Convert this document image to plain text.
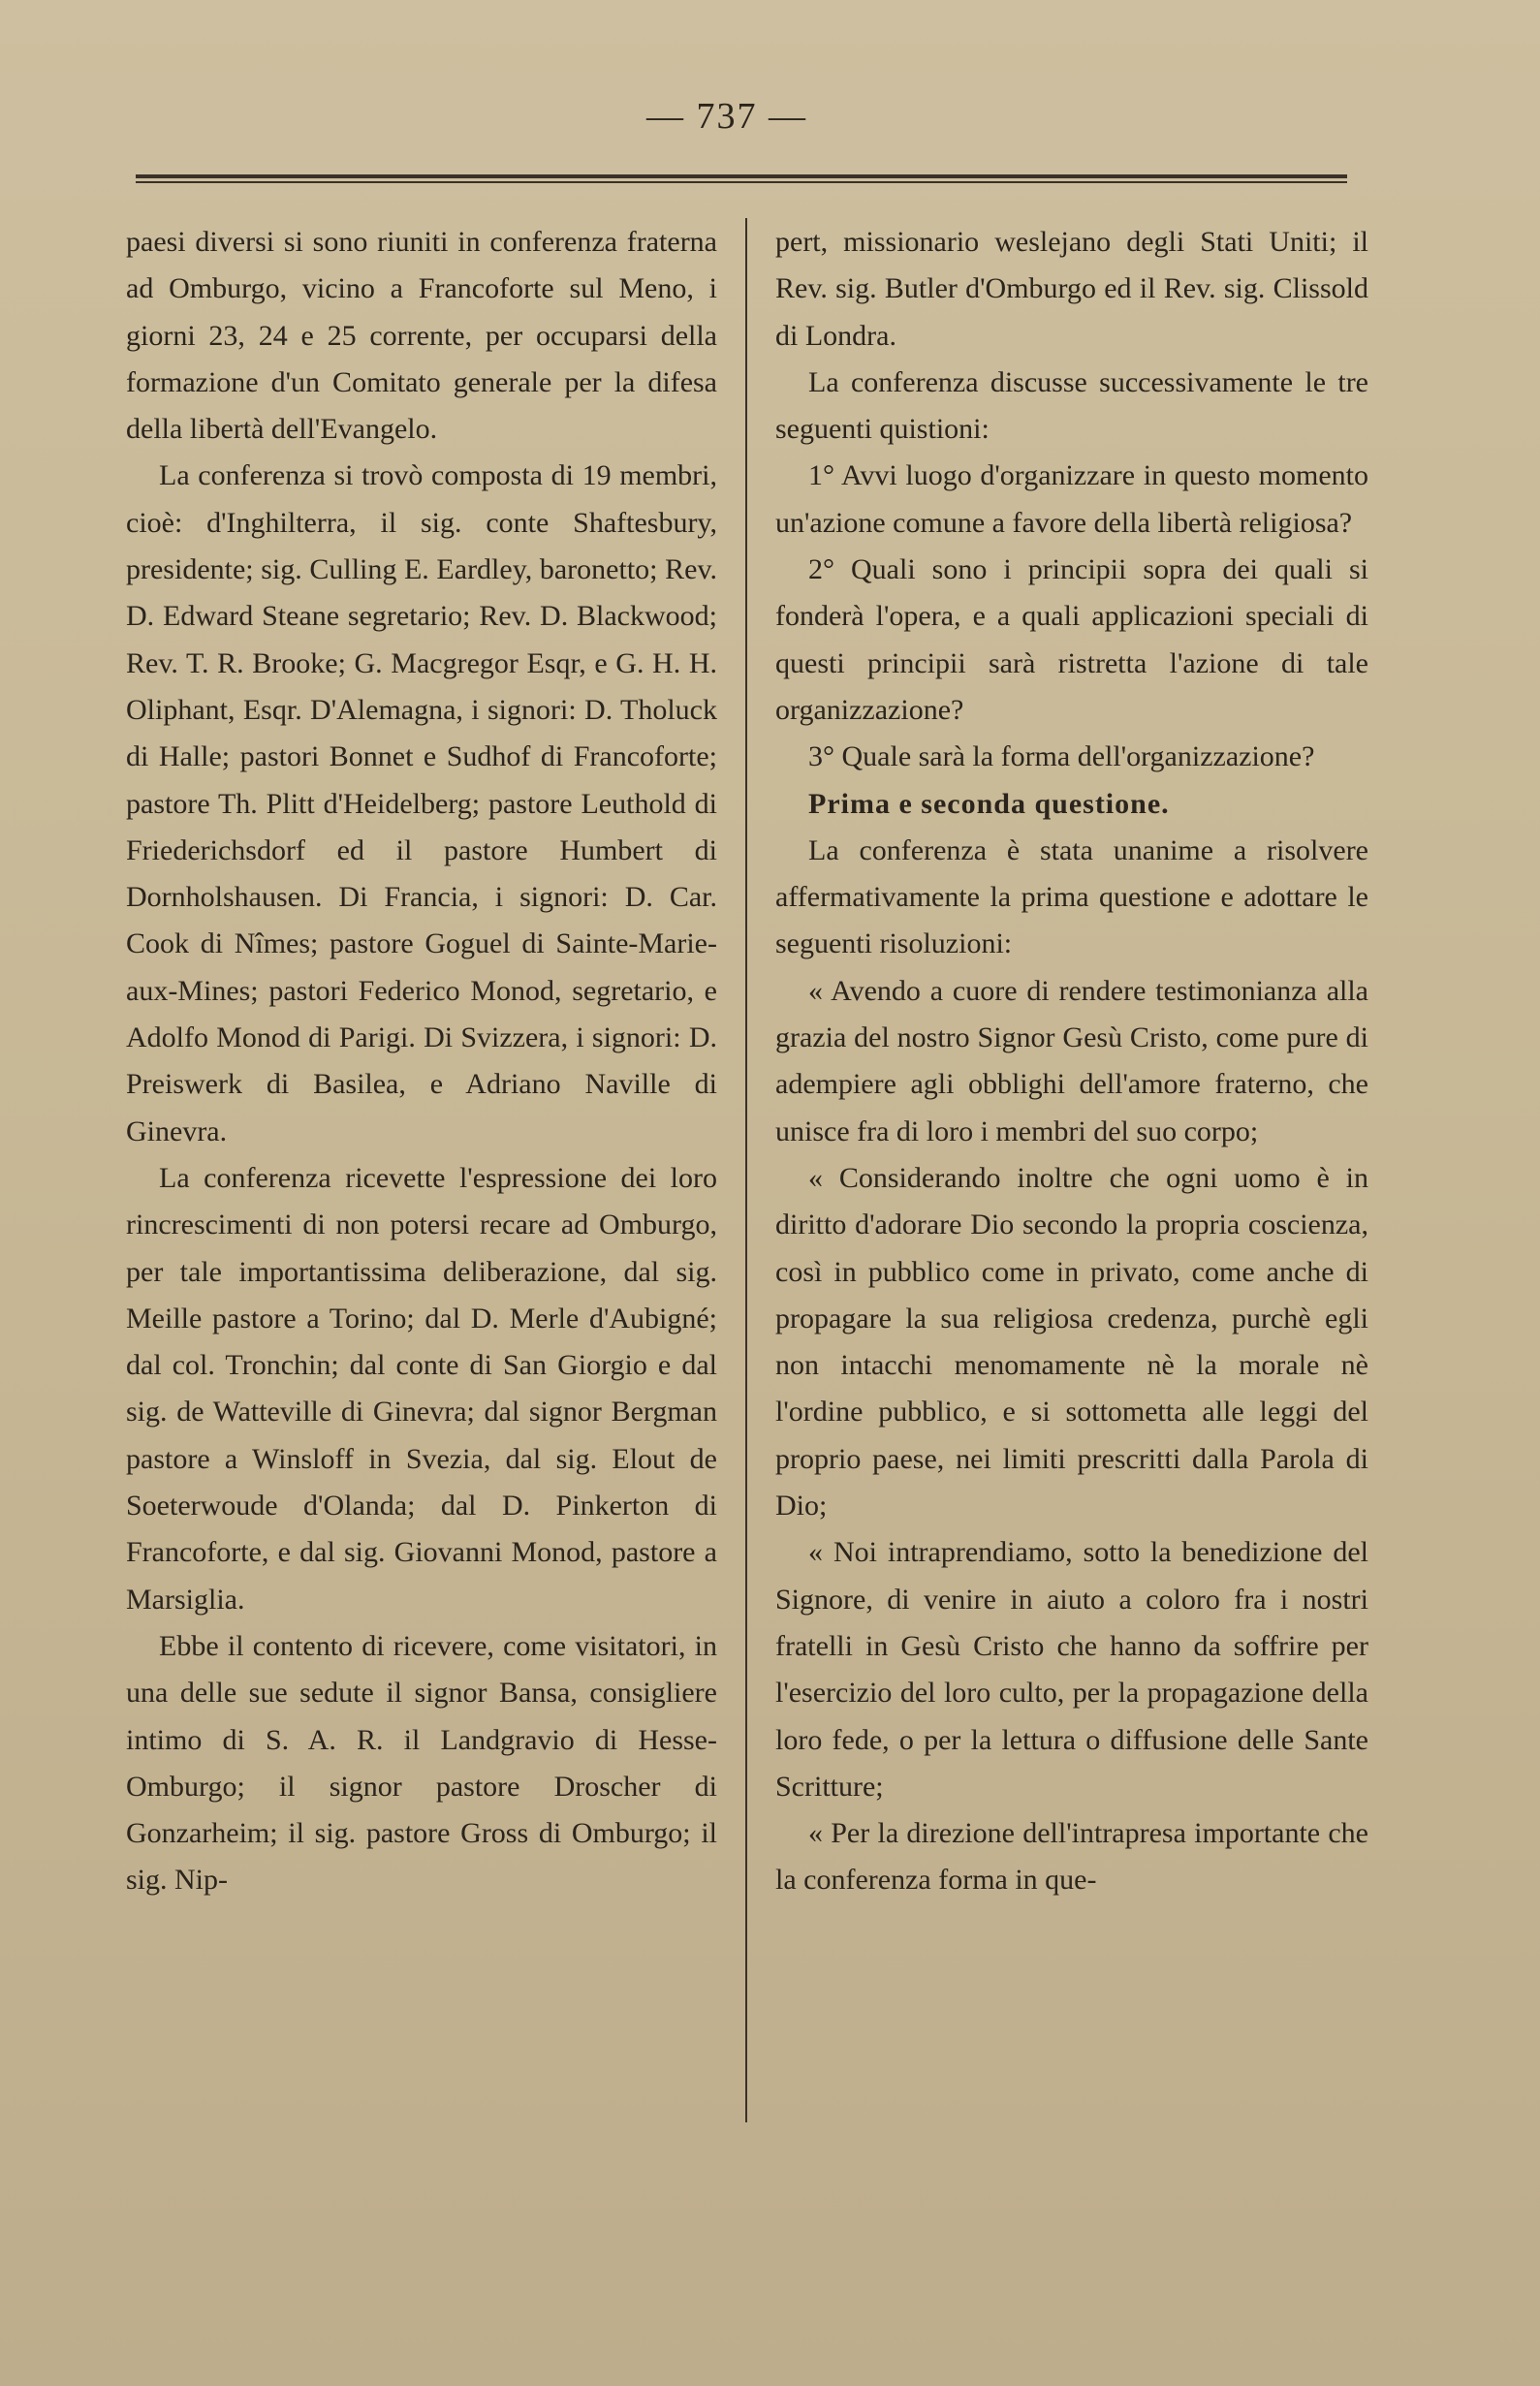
— 737 —

paesi diversi si sono riuniti in conferenza fraterna ad Omburgo, vicino a Francoforte sul Meno, i giorni 23, 24 e 25 corrente, per occuparsi della formazione d'un Comitato generale per la difesa della libertà dell'Evangelo.

La conferenza si trovò composta di 19 membri, cioè: d'Inghilterra, il sig. conte Shaftesbury, presidente; sig. Culling E. Eardley, baronetto; Rev. D. Edward Steane segretario; Rev. D. Blackwood; Rev. T. R. Brooke; G. Macgregor Esqr, e G. H. H. Oliphant, Esqr. D'Alemagna, i signori: D. Tholuck di Halle; pastori Bonnet e Sudhof di Francoforte; pastore Th. Plitt d'Heidelberg; pastore Leuthold di Friederichsdorf ed il pastore Humbert di Dornholshausen. Di Francia, i signori: D. Car. Cook di Nîmes; pastore Goguel di Sainte-Marie-aux-Mines; pastori Federico Monod, segretario, e Adolfo Monod di Parigi. Di Svizzera, i signori: D. Preiswerk di Basilea, e Adriano Naville di Ginevra.

La conferenza ricevette l'espressione dei loro rincrescimenti di non potersi recare ad Omburgo, per tale importantissima deliberazione, dal sig. Meille pastore a Torino; dal D. Merle d'Aubigné; dal col. Tronchin; dal conte di San Giorgio e dal sig. de Watteville di Ginevra; dal signor Bergman pastore a Winsloff in Svezia, dal sig. Elout de Soeterwoude d'Olanda; dal D. Pinkerton di Francoforte, e dal sig. Giovanni Monod, pastore a Marsiglia.

Ebbe il contento di ricevere, come visitatori, in una delle sue sedute il signor Bansa, consigliere intimo di S. A. R. il Landgravio di Hesse-Omburgo; il signor pastore Droscher di Gonzarheim; il sig. pastore Gross di Omburgo; il sig. Nip-

pert, missionario weslejano degli Stati Uniti; il Rev. sig. Butler d'Omburgo ed il Rev. sig. Clissold di Londra.

La conferenza discusse successivamente le tre seguenti quistioni:

1° Avvi luogo d'organizzare in questo momento un'azione comune a favore della libertà religiosa?

2° Quali sono i principii sopra dei quali si fonderà l'opera, e a quali applicazioni speciali di questi principii sarà ristretta l'azione di tale organizzazione?

3° Quale sarà la forma dell'organizzazione?

Prima e seconda questione.

La conferenza è stata unanime a risolvere affermativamente la prima questione e adottare le seguenti risoluzioni:

« Avendo a cuore di rendere testimonianza alla grazia del nostro Signor Gesù Cristo, come pure di adempiere agli obblighi dell'amore fraterno, che unisce fra di loro i membri del suo corpo;

« Considerando inoltre che ogni uomo è in diritto d'adorare Dio secondo la propria coscienza, così in pubblico come in privato, come anche di propagare la sua religiosa credenza, purchè egli non intacchi menomamente nè la morale nè l'ordine pubblico, e si sottometta alle leggi del proprio paese, nei limiti prescritti dalla Parola di Dio;

« Noi intraprendiamo, sotto la benedizione del Signore, di venire in aiuto a coloro fra i nostri fratelli in Gesù Cristo che hanno da soffrire per l'esercizio del loro culto, per la propagazione della loro fede, o per la lettura o diffusione delle Sante Scritture;

« Per la direzione dell'intrapresa importante che la conferenza forma in que-
